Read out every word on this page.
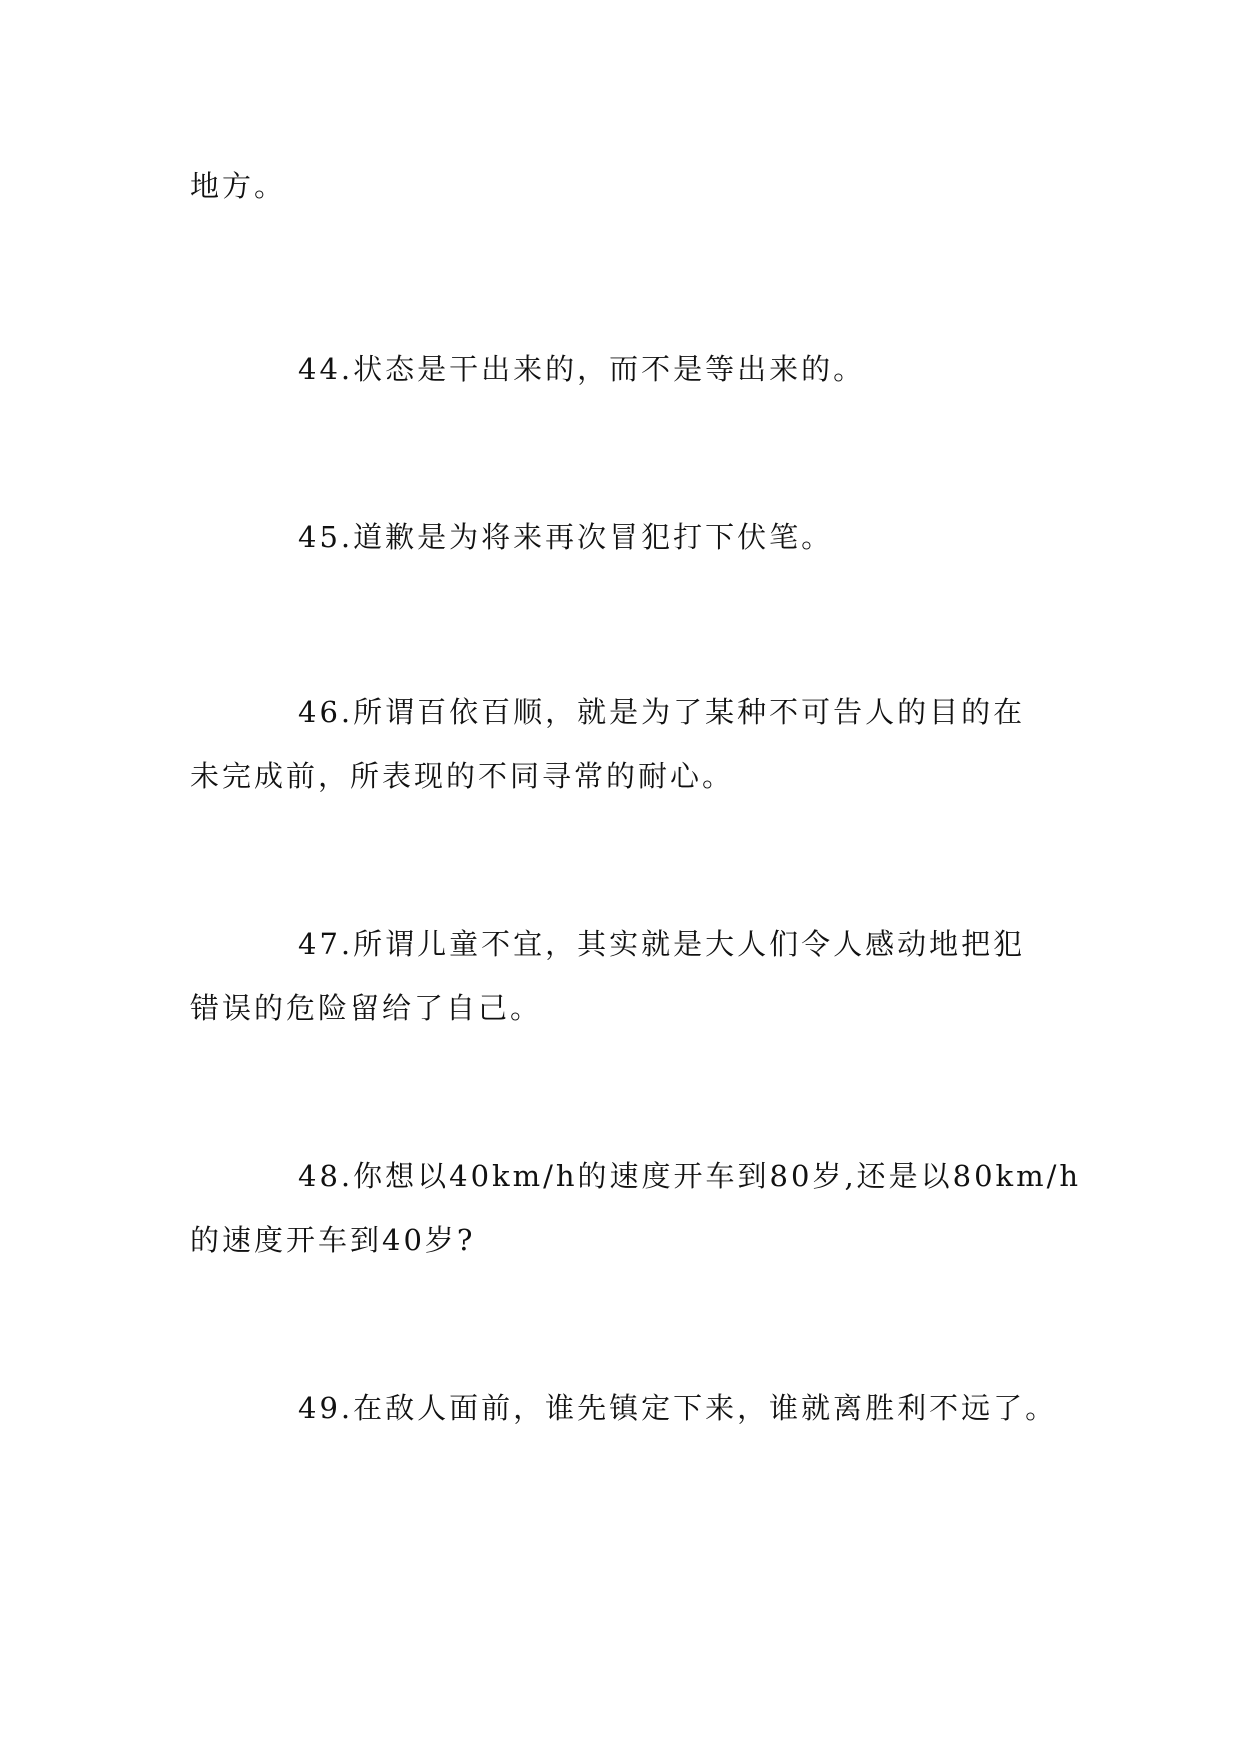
地方。

44.状态是干出来的，而不是等出来的。

45.道歉是为将来再次冒犯打下伏笔。

46.所谓百依百顺，就是为了某种不可告人的目的在
未完成前，所表现的不同寻常的耐心。

47.所谓儿童不宜，其实就是大人们令人感动地把犯
错误的危险留给了自己。

48.你想以40km/h的速度开车到80岁,还是以80km/h
的速度开车到40岁?

49.在敌人面前，谁先镇定下来，谁就离胜利不远了。
